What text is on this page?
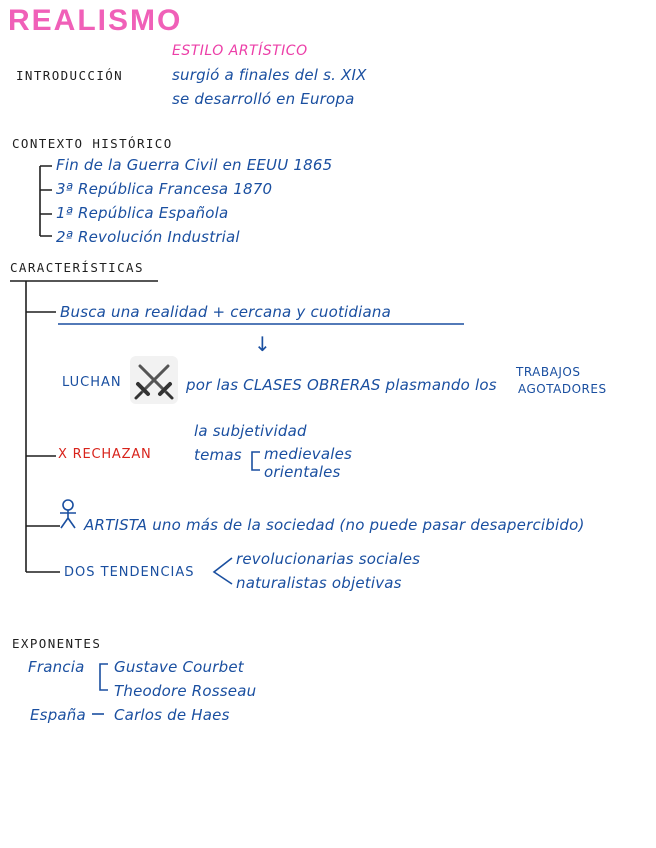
REALISMO
ESTILO ARTÍSTICO
INTRODUCCIÓN	surgió a finales del s. XIX
se desarrolló en Europa
CONTEXTO HISTÓRICO
Fin de la Guerra Civil en EEUU 1865
3ª República Francesa 1870
1ª República Española
2ª Revolución Industrial
CARACTERÍSTICAS
Busca una realidad + cercana y cuotidiana
↓
LUCHAN	por las CLASES OBRERAS plasmando los
TRABAJOS
AGOTADORES
la subjetividad
X RECHAZAN	temas medievales
orientales
ARTISTA uno más de la sociedad (no puede pasar desapercibido)
DOS TENDENCIAS
revolucionarias sociales
naturalistas objetivas
EXPONENTES
Francia Gustave Courbet
Theodore Rosseau
España Carlos de Haes
